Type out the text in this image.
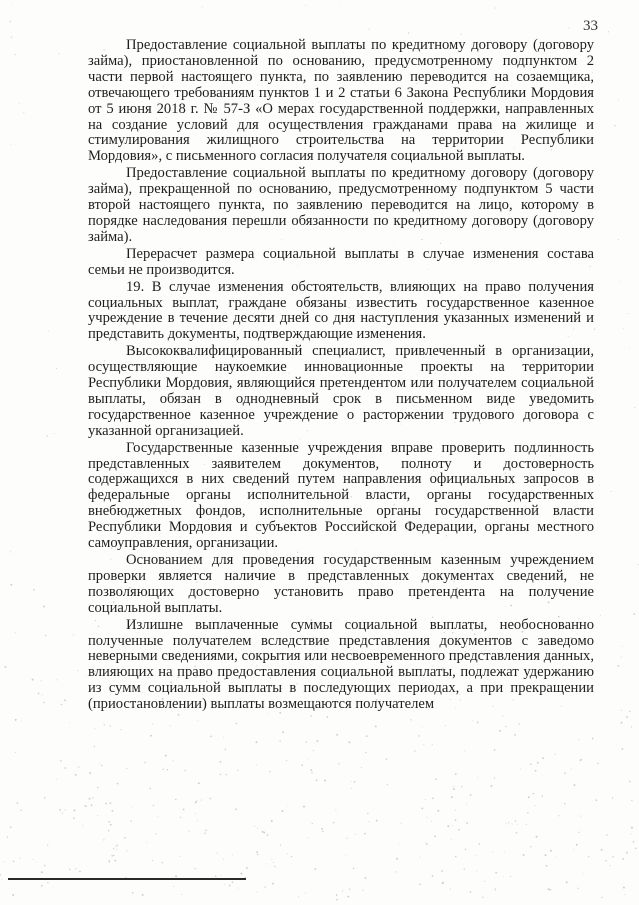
33

Предоставление социальной выплаты по кредитному договору (договору займа), приостановленной по основанию, предусмотренному подпунктом 2 части первой настоящего пункта, по заявлению переводится на созаемщика, отвечающего требованиям пунктов 1 и 2 статьи 6 Закона Республики Мордовия от 5 июня 2018 г. № 57-З «О мерах государственной поддержки, направленных на создание условий для осуществления гражданами права на жилище и стимулирования жилищного строительства на территории Республики Мордовия», с письменного согласия получателя социальной выплаты.

Предоставление социальной выплаты по кредитному договору (договору займа), прекращенной по основанию, предусмотренному подпунктом 5 части второй настоящего пункта, по заявлению переводится на лицо, которому в порядке наследования перешли обязанности по кредитному договору (договору займа).

Перерасчет размера социальной выплаты в случае изменения состава семьи не производится.

19. В случае изменения обстоятельств, влияющих на право получения социальных выплат, граждане обязаны известить государственное казенное учреждение в течение десяти дней со дня наступления указанных изменений и представить документы, подтверждающие изменения.

Высококвалифицированный специалист, привлеченный в организации, осуществляющие наукоемкие инновационные проекты на территории Республики Мордовия, являющийся претендентом или получателем социальной выплаты, обязан в однодневный срок в письменном виде уведомить государственное казенное учреждение о расторжении трудового договора с указанной организацией.

Государственные казенные учреждения вправе проверить подлинность представленных заявителем документов, полноту и достоверность содержащихся в них сведений путем направления официальных запросов в федеральные органы исполнительной власти, органы государственных внебюджетных фондов, исполнительные органы государственной власти Республики Мордовия и субъектов Российской Федерации, органы местного самоуправления, организации.

Основанием для проведения государственным казенным учреждением проверки является наличие в представленных документах сведений, не позволяющих достоверно установить право претендента на получение социальной выплаты.

Излишне выплаченные суммы социальной выплаты, необоснованно полученные получателем вследствие представления документов с заведомо неверными сведениями, сокрытия или несвоевременного представления данных, влияющих на право предоставления социальной выплаты, подлежат удержанию из сумм социальной выплаты в последующих периодах, а при прекращении (приостановлении) выплаты возмещаются получателем
